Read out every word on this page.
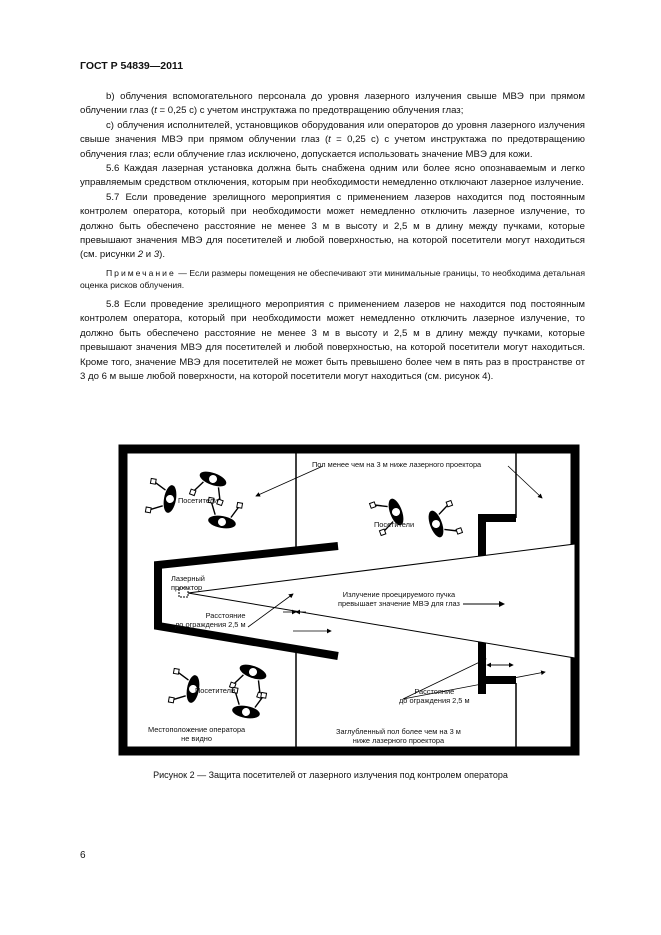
ГОСТ Р 54839—2011

b) облучения вспомогательного персонала до уровня лазерного излучения свыше МВЭ при прямом облучении глаз (t = 0,25 с) с учетом инструктажа по предотвращению облучения глаз;

c) облучения исполнителей, установщиков оборудования или операторов до уровня лазерного излучения свыше значения МВЭ при прямом облучении глаз (t = 0,25 с) с учетом инструктажа по предотвращению облучения глаз; если облучение глаз исключено, допускается использовать значение МВЭ для кожи.

5.6 Каждая лазерная установка должна быть снабжена одним или более ясно опознаваемым и легко управляемым средством отключения, которым при необходимости немедленно отключают лазерное излучение.

5.7 Если проведение зрелищного мероприятия с применением лазеров находится под постоянным контролем оператора, который при необходимости может немедленно отключить лазерное излучение, то должно быть обеспечено расстояние не менее 3 м в высоту и 2,5 м в длину между пучками, которые превышают значения МВЭ для посетителей и любой поверхностью, на которой посетители могут находиться (см. рисунки 2 и 3).

Примечание — Если размеры помещения не обеспечивают эти минимальные границы, то необходима детальная оценка рисков облучения.

5.8 Если проведение зрелищного мероприятия с применением лазеров не находится под постоянным контролем оператора, который при необходимости может немедленно отключить лазерное излучение, то должно быть обеспечено расстояние не менее 3 м в высоту и 2,5 м в длину между пучками, которые превышают значения МВЭ для посетителей и любой поверхностью, на которой посетители могут находиться. Кроме того, значение МВЭ для посетителей не может быть превышено более чем в пять раз в пространстве от 3 до 6 м выше любой поверхности, на которой посетители могут находиться (см. рисунок 4).

Пол менее чем на 3 м ниже лазерного проектора
Посетители
Посетители
Посетители
Лазерный
проектор
Расстояние
до ограждения 2,5 м
Излучение проецируемого пучка
превышает значение МВЭ для глаз
Расстояние
до ограждения 2,5 м
Местоположение оператора
не видно
Заглубленный пол более чем на 3 м
ниже лазерного проектора
Рисунок 2 — Защита посетителей от лазерного излучения под контролем оператора
6
